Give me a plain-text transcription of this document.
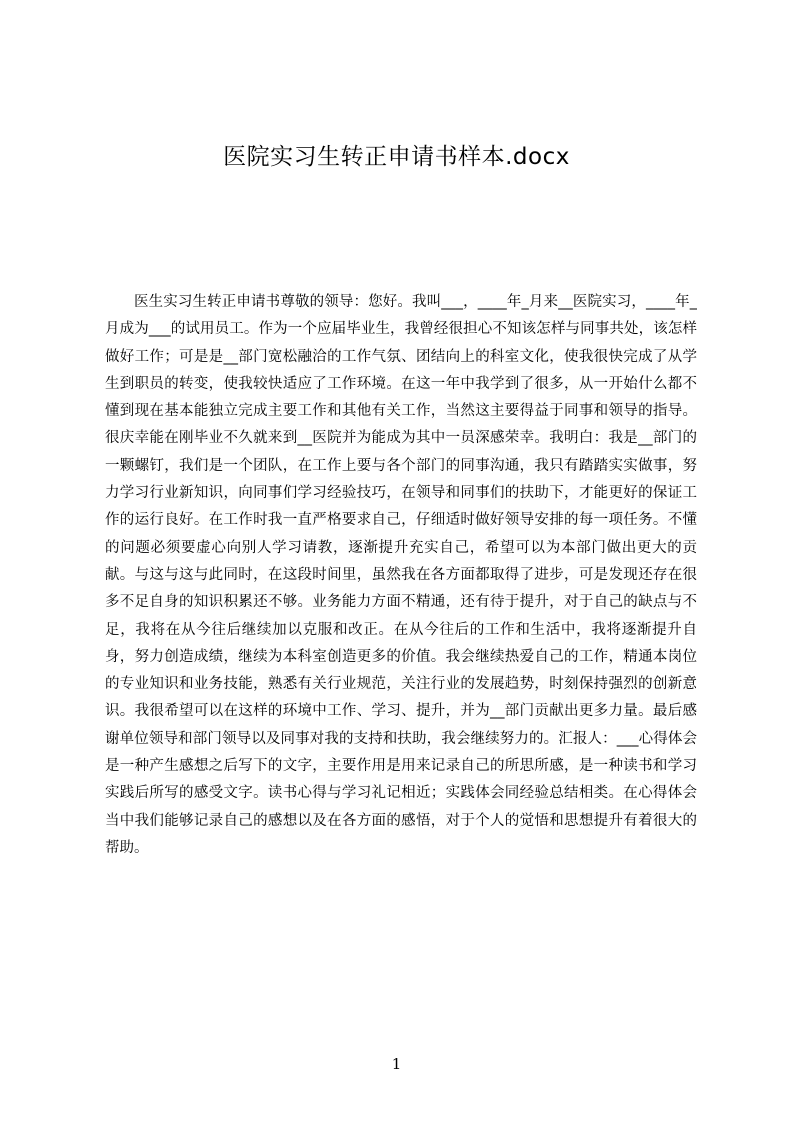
医院实习生转正申请书样本.docx

医生实习生转正申请书尊敬的领导：您好。我叫___，____年_月来__医院实习，____年_月成为___的试用员工。作为一个应届毕业生，我曾经很担心不知该怎样与同事共处，该怎样做好工作；可是是__部门宽松融洽的工作气氛、团结向上的科室文化，使我很快完成了从学生到职员的转变，使我较快适应了工作环境。在这一年中我学到了很多，从一开始什么都不懂到现在基本能独立完成主要工作和其他有关工作，当然这主要得益于同事和领导的指导。很庆幸能在刚毕业不久就来到__医院并为能成为其中一员深感荣幸。我明白：我是__部门的一颗螺钉，我们是一个团队，在工作上要与各个部门的同事沟通，我只有踏踏实实做事，努力学习行业新知识，向同事们学习经验技巧，在领导和同事们的扶助下，才能更好的保证工作的运行良好。在工作时我一直严格要求自己，仔细适时做好领导安排的每一项任务。不懂的问题必须要虚心向别人学习请教，逐渐提升充实自己，希望可以为本部门做出更大的贡献。与这与这与此同时，在这段时间里，虽然我在各方面都取得了进步，可是发现还存在很多不足自身的知识积累还不够。业务能力方面不精通，还有待于提升，对于自己的缺点与不足，我将在从今往后继续加以克服和改正。在从今往后的工作和生活中，我将逐渐提升自身，努力创造成绩，继续为本科室创造更多的价值。我会继续热爱自己的工作，精通本岗位的专业知识和业务技能，熟悉有关行业规范，关注行业的发展趋势，时刻保持强烈的创新意识。我很希望可以在这样的环境中工作、学习、提升，并为__部门贡献出更多力量。最后感谢单位领导和部门领导以及同事对我的支持和扶助，我会继续努力的。汇报人：___心得体会是一种产生感想之后写下的文字，主要作用是用来记录自己的所思所感，是一种读书和学习实践后所写的感受文字。读书心得与学习礼记相近；实践体会同经验总结相类。在心得体会当中我们能够记录自己的感想以及在各方面的感悟，对于个人的觉悟和思想提升有着很大的帮助。

1
